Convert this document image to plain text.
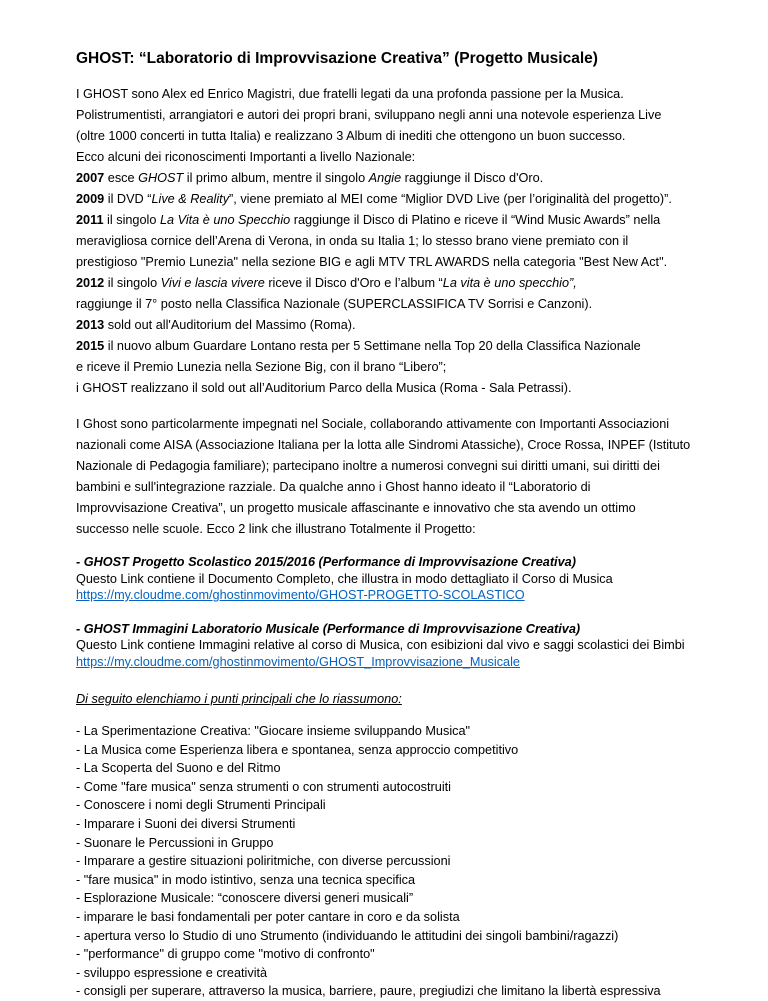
GHOST: “Laboratorio di Improvvisazione Creativa” (Progetto Musicale)
I GHOST sono Alex ed Enrico Magistri, due fratelli legati da una profonda passione per la Musica.
Polistrumentisti, arrangiatori e autori dei propri brani, sviluppano negli anni una notevole esperienza Live
(oltre 1000 concerti in tutta Italia) e realizzano 3 Album di inediti che ottengono un buon successo.
Ecco alcuni dei riconoscimenti Importanti a livello Nazionale:
2007 esce GHOST il primo album, mentre il singolo Angie raggiunge il Disco d'Oro.
2009 il DVD “Live & Reality”, viene premiato al MEI come “Miglior DVD Live (per l’originalità del progetto)”.
2011 il singolo La Vita è uno Specchio raggiunge il Disco di Platino e riceve il “Wind Music Awards” nella
meravigliosa cornice dell’Arena di Verona, in onda su Italia 1; lo stesso brano viene premiato con il
prestigioso "Premio Lunezia" nella sezione BIG e agli MTV TRL AWARDS nella categoria "Best New Act".
2012 il singolo Vivi e lascia vivere riceve il Disco d'Oro e l’album “La vita è uno specchio”,
raggiunge il 7° posto nella Classifica Nazionale (SUPERCLASSIFICA TV Sorrisi e Canzoni).
2013 sold out all'Auditorium del Massimo (Roma).
2015 il nuovo album Guardare Lontano resta per 5 Settimane nella Top 20 della Classifica Nazionale
e riceve il Premio Lunezia nella Sezione Big, con il brano “Libero”;
i GHOST realizzano il sold out all’Auditorium Parco della Musica (Roma - Sala Petrassi).
I Ghost sono particolarmente impegnati nel Sociale, collaborando attivamente con Importanti Associazioni
nazionali come AISA (Associazione Italiana per la lotta alle Sindromi Atassiche), Croce Rossa, INPEF (Istituto
Nazionale di Pedagogia familiare); partecipano inoltre a numerosi convegni sui diritti umani, sui diritti dei
bambini e sull'integrazione razziale. Da qualche anno i Ghost hanno ideato il “Laboratorio di
Improvvisazione Creativa”, un progetto musicale affascinante e innovativo che sta avendo un ottimo
successo nelle scuole. Ecco 2 link che illustrano Totalmente il Progetto:
- GHOST Progetto Scolastico 2015/2016 (Performance di Improvvisazione Creativa)
Questo Link contiene il Documento Completo, che illustra in modo dettagliato il Corso di Musica
https://my.cloudme.com/ghostinmovimento/GHOST-PROGETTO-SCOLASTICO
- GHOST Immagini Laboratorio Musicale (Performance di Improvvisazione Creativa)
Questo Link contiene Immagini relative al corso di Musica, con esibizioni dal vivo e saggi scolastici dei Bimbi
https://my.cloudme.com/ghostinmovimento/GHOST_Improvvisazione_Musicale
Di seguito elenchiamo i punti principali che lo riassumono:
- La Sperimentazione Creativa: "Giocare insieme sviluppando Musica"
- La Musica come Esperienza libera e spontanea, senza approccio competitivo
- La Scoperta del Suono e del Ritmo
- Come "fare musica" senza strumenti o con strumenti autocostruiti
- Conoscere i nomi degli Strumenti Principali
- Imparare i Suoni dei diversi Strumenti
- Suonare le Percussioni in Gruppo
- Imparare a gestire situazioni poliritmiche, con diverse percussioni
- "fare musica" in modo istintivo, senza una tecnica specifica
- Esplorazione Musicale: “conoscere diversi generi musicali”
- imparare le basi fondamentali per poter cantare in coro e da solista
- apertura verso lo Studio di uno Strumento (individuando le attitudini dei singoli bambini/ragazzi)
- "performance" di gruppo come "motivo di confronto"
- sviluppo espressione e creatività
- consigli per superare, attraverso la musica, barriere, paure, pregiudizi che limitano la libertà espressiva
